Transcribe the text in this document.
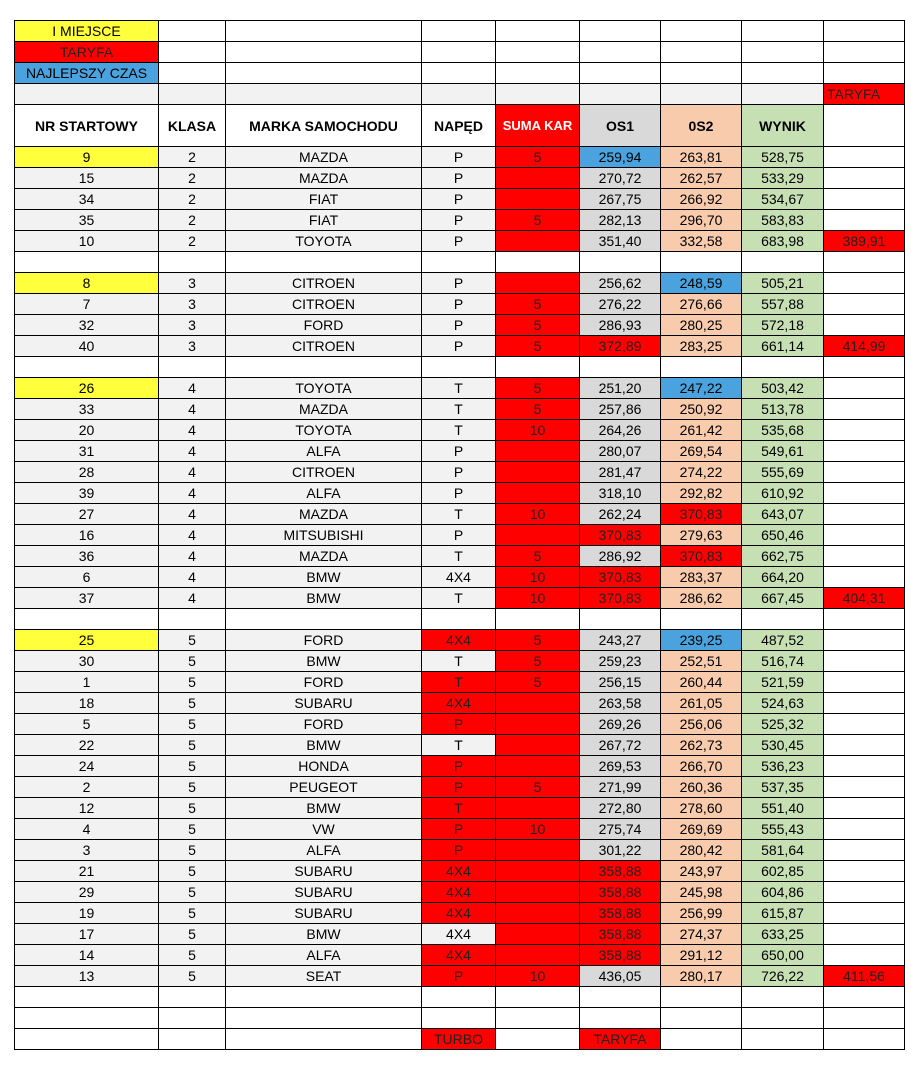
I MIEJSCE								
TARYFA								
NAJLEPSZY CZAS								
								TARYFA
NR STARTOWY	KLASA	MARKA SAMOCHODU	NAPĘD	SUMA KAR	OS1	0S2	WYNIK	
9	2	MAZDA	P	5	259,94	263,81	528,75	
15	2	MAZDA	P		270,72	262,57	533,29	
34	2	FIAT	P		267,75	266,92	534,67	
35	2	FIAT	P	5	282,13	296,70	583,83	
10	2	TOYOTA	P		351,40	332,58	683,98	389,91

8	3	CITROEN	P		256,62	248,59	505,21	
7	3	CITROEN	P	5	276,22	276,66	557,88	
32	3	FORD	P	5	286,93	280,25	572,18	
40	3	CITROEN	P	5	372,89	283,25	661,14	414,99

26	4	TOYOTA	T	5	251,20	247,22	503,42	
33	4	MAZDA	T	5	257,86	250,92	513,78	
20	4	TOYOTA	T	10	264,26	261,42	535,68	
31	4	ALFA	P		280,07	269,54	549,61	
28	4	CITROEN	P		281,47	274,22	555,69	
39	4	ALFA	P		318,10	292,82	610,92	
27	4	MAZDA	T	10	262,24	370,83	643,07	
16	4	MITSUBISHI	P		370,83	279,63	650,46	
36	4	MAZDA	T	5	286,92	370,83	662,75	
6	4	BMW	4X4	10	370,83	283,37	664,20	
37	4	BMW	T	10	370,83	286,62	667,45	404,31

25	5	FORD	4X4	5	243,27	239,25	487,52	
30	5	BMW	T	5	259,23	252,51	516,74	
1	5	FORD	T	5	256,15	260,44	521,59	
18	5	SUBARU	4X4		263,58	261,05	524,63	
5	5	FORD	P		269,26	256,06	525,32	
22	5	BMW	T		267,72	262,73	530,45	
24	5	HONDA	P		269,53	266,70	536,23	
2	5	PEUGEOT	P	5	271,99	260,36	537,35	
12	5	BMW	T		272,80	278,60	551,40	
4	5	VW	P	10	275,74	269,69	555,43	
3	5	ALFA	P		301,22	280,42	581,64	
21	5	SUBARU	4X4		358,88	243,97	602,85	
29	5	SUBARU	4X4		358,88	245,98	604,86	
19	5	SUBARU	4X4		358,88	256,99	615,87	
17	5	BMW	4X4		358,88	274,37	633,25	
14	5	ALFA	4X4		358,88	291,12	650,00	
13	5	SEAT	P	10	436,05	280,17	726,22	411,56

			TURBO		TARYFA			
